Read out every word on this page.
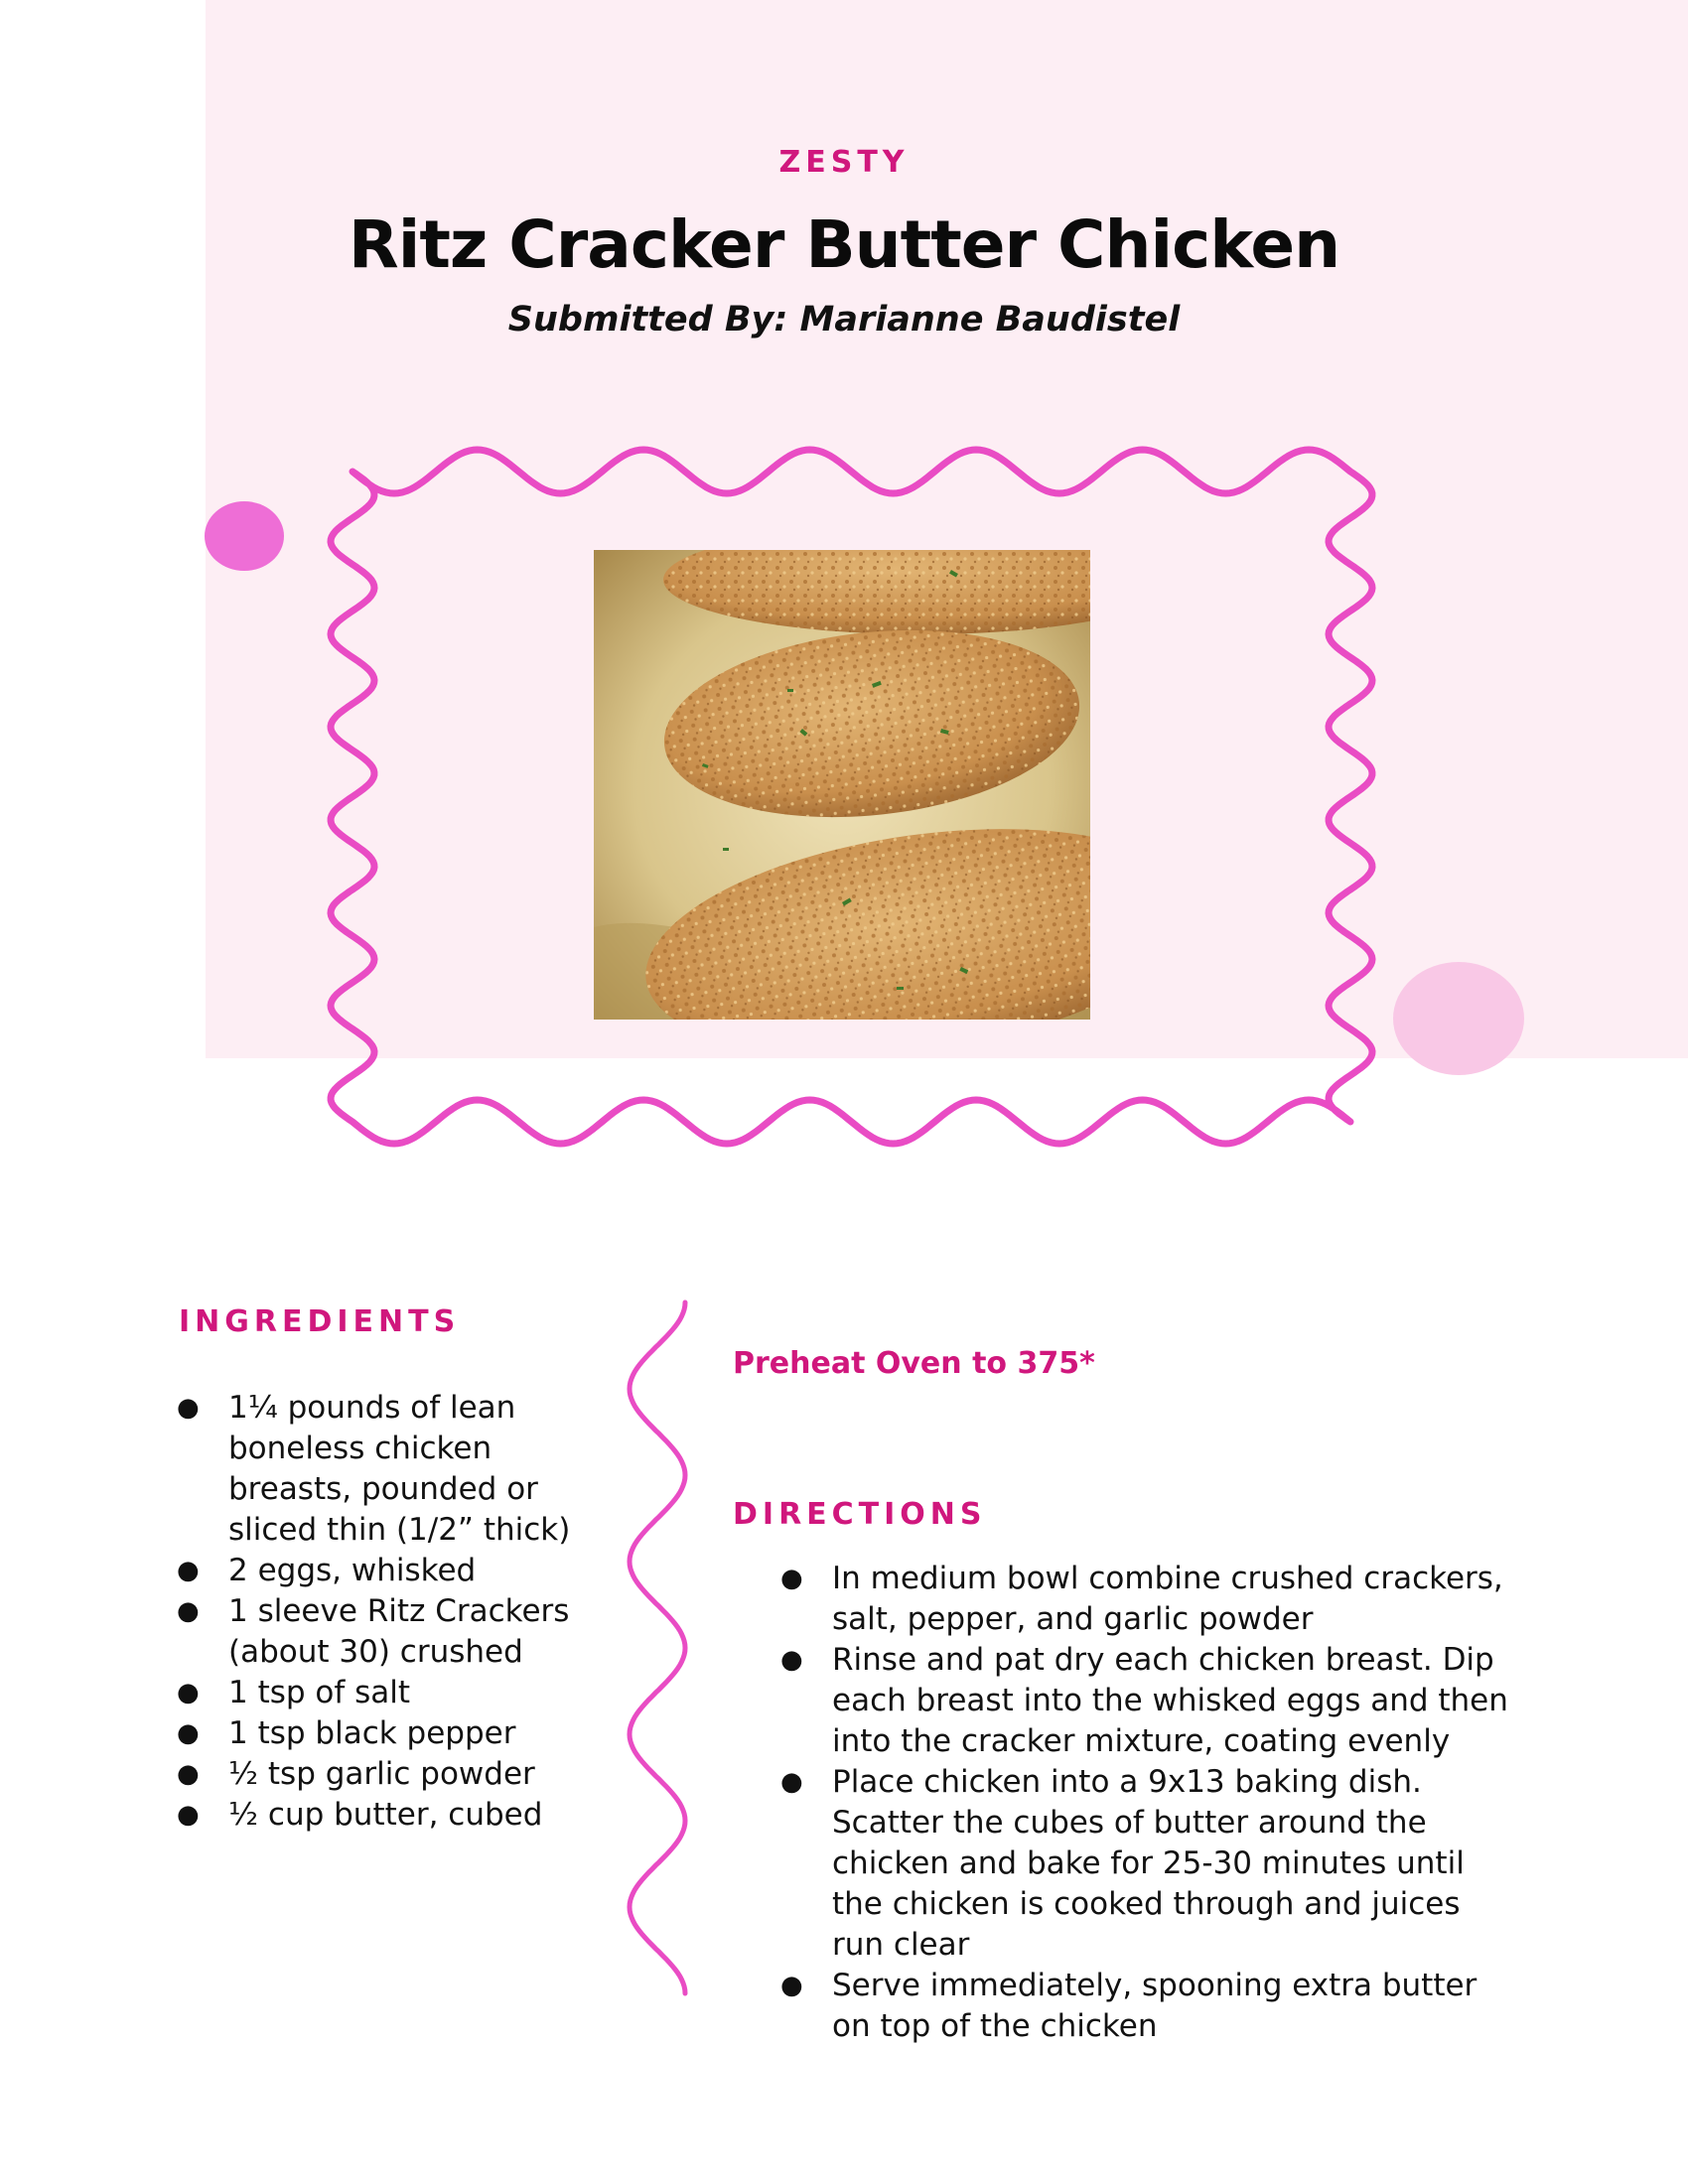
ZESTY
Ritz Cracker Butter Chicken
Submitted By: Marianne Baudistel
INGREDIENTS
● 1¼ pounds of lean boneless chicken breasts, pounded or sliced thin (1/2” thick)
● 2 eggs, whisked
● 1 sleeve Ritz Crackers (about 30) crushed
● 1 tsp of salt
● 1 tsp black pepper
● ½ tsp garlic powder
● ½ cup butter, cubed
Preheat Oven to 375*
DIRECTIONS
● In medium bowl combine crushed crackers, salt, pepper, and garlic powder
● Rinse and pat dry each chicken breast. Dip each breast into the whisked eggs and then into the cracker mixture, coating evenly
● Place chicken into a 9x13 baking dish. Scatter the cubes of butter around the chicken and bake for 25-30 minutes until the chicken is cooked through and juices run clear
● Serve immediately, spooning extra butter on top of the chicken
